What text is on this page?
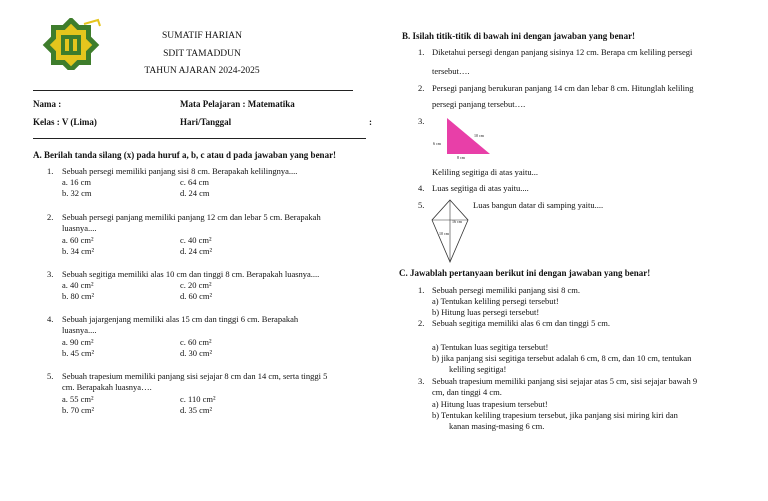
SUMATIF HARIAN
SDIT TAMADDUN
TAHUN AJARAN 2024-2025
Nama :	Mata Pelajaran : Matematika
Kelas : V (Lima)	Hari/Tanggal	:
A. Berilah tanda silang (x) pada huruf a, b, c atau d pada jawaban yang benar!
1. Sebuah persegi memiliki panjang sisi 8 cm. Berapakah kelilingnya....
a. 16 cm	c. 64 cm
b. 32 cm	d. 24 cm
2. Sebuah persegi panjang memiliki panjang 12 cm dan lebar 5 cm. Berapakah
luasnya....
a. 60 cm²	c. 40 cm²
b. 34 cm²	d. 24 cm²
3. Sebuah segitiga memiliki alas 10 cm dan tinggi 8 cm. Berapakah luasnya....
a. 40 cm²	c. 20 cm²
b. 80 cm²	d. 60 cm²
4. Sebuah jajargenjang memiliki alas 15 cm dan tinggi 6 cm. Berapakah
luasnya....
a. 90 cm²	c. 60 cm²
b. 45 cm²	d. 30 cm²
5. Sebuah trapesium memiliki panjang sisi sejajar 8 cm dan 14 cm, serta tinggi 5
cm. Berapakah luasnya….
a. 55 cm²	c. 110 cm²
b. 70 cm²	d. 35 cm²
B. Isilah titik-titik di bawah ini dengan jawaban yang benar!
1. Diketahui persegi dengan panjang sisinya 12 cm. Berapa cm keliling persegi
tersebut….
2. Persegi panjang berukuran panjang 14 cm dan lebar 8 cm. Hitunglah keliling
persegi panjang tersebut….
3.
10 cm
6 cm
8 cm
Keliling segitiga di atas yaitu...
4. Luas segitiga di atas yaitu....
5.	Luas bangun datar di samping yaitu....
16 cm
10 cm
C. Jawablah pertanyaan berikut ini dengan jawaban yang benar!
1. Sebuah persegi memiliki panjang sisi 8 cm.
a) Tentukan keliling persegi tersebut!
b) Hitung luas persegi tersebut!
2. Sebuah segitiga memiliki alas 6 cm dan tinggi 5 cm.
a) Tentukan luas segitiga tersebut!
b) jika panjang sisi segitiga tersebut adalah 6 cm, 8 cm, dan 10 cm, tentukan
keliling segitiga!
3. Sebuah trapesium memiliki panjang sisi sejajar atas 5 cm, sisi sejajar bawah 9
cm, dan tinggi 4 cm.
a) Hitung luas trapesium tersebut!
b) Tentukan keliling trapesium tersebut, jika panjang sisi miring kiri dan
kanan masing-masing 6 cm.
